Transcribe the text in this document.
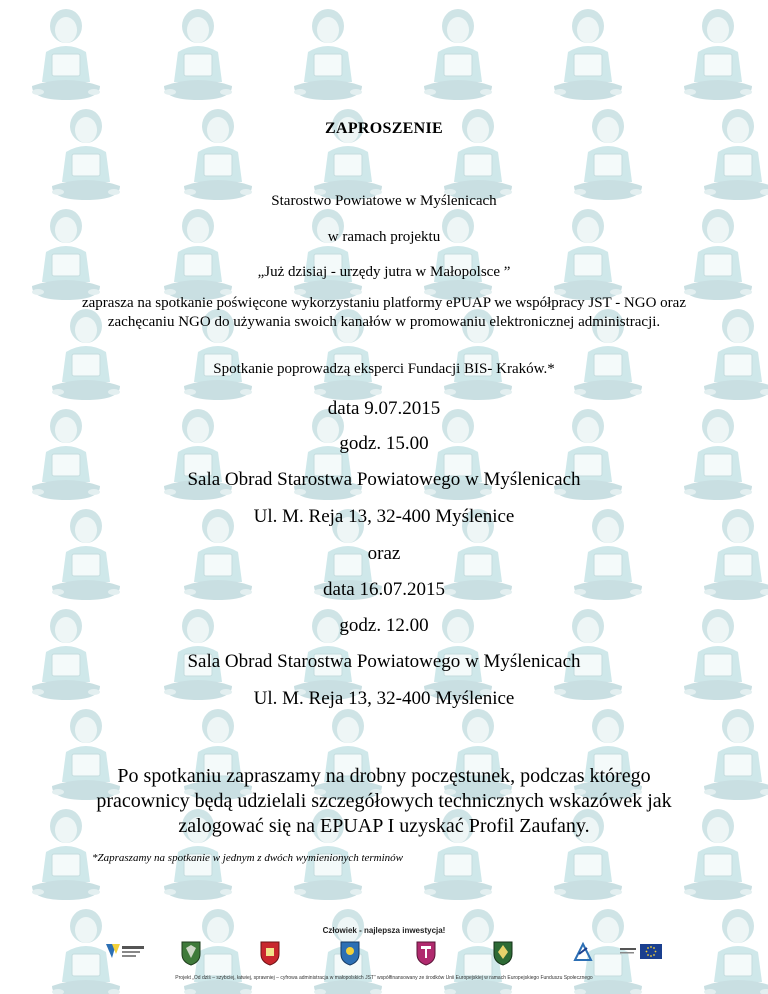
ZAPROSZENIE
Starostwo Powiatowe w Myślenicach
w ramach projektu
„Już dzisiaj - urzędy jutra w Małopolsce ”
zaprasza na spotkanie poświęcone wykorzystaniu platformy ePUAP we współpracy JST - NGO oraz zachęcaniu NGO do używania swoich kanałów w promowaniu elektronicznej administracji.
Spotkanie poprowadzą eksperci Fundacji BIS- Kraków.*
data 9.07.2015
godz. 15.00
Sala Obrad Starostwa Powiatowego w Myślenicach
Ul. M. Reja 13, 32-400 Myślenice
oraz
data 16.07.2015
godz. 12.00
Sala Obrad Starostwa Powiatowego w Myślenicach
Ul. M. Reja 13, 32-400 Myślenice
Po spotkaniu zapraszamy na drobny poczęstunek, podczas którego pracownicy będą udzielali szczegółowych technicznych wskazówek jak zalogować się na EPUAP I uzyskać Profil Zaufany.
*Zapraszamy na spotkanie w jednym z dwóch wymienionych terminów
Człowiek - najlepsza inwestycja!
Projekt „Od dziś – szybciej, łatwiej, sprawniej – cyfrowa administracja w małopolskich JST” współfinansowany ze środków Unii Europejskiej w ramach Europejskiego Funduszu Społecznego
